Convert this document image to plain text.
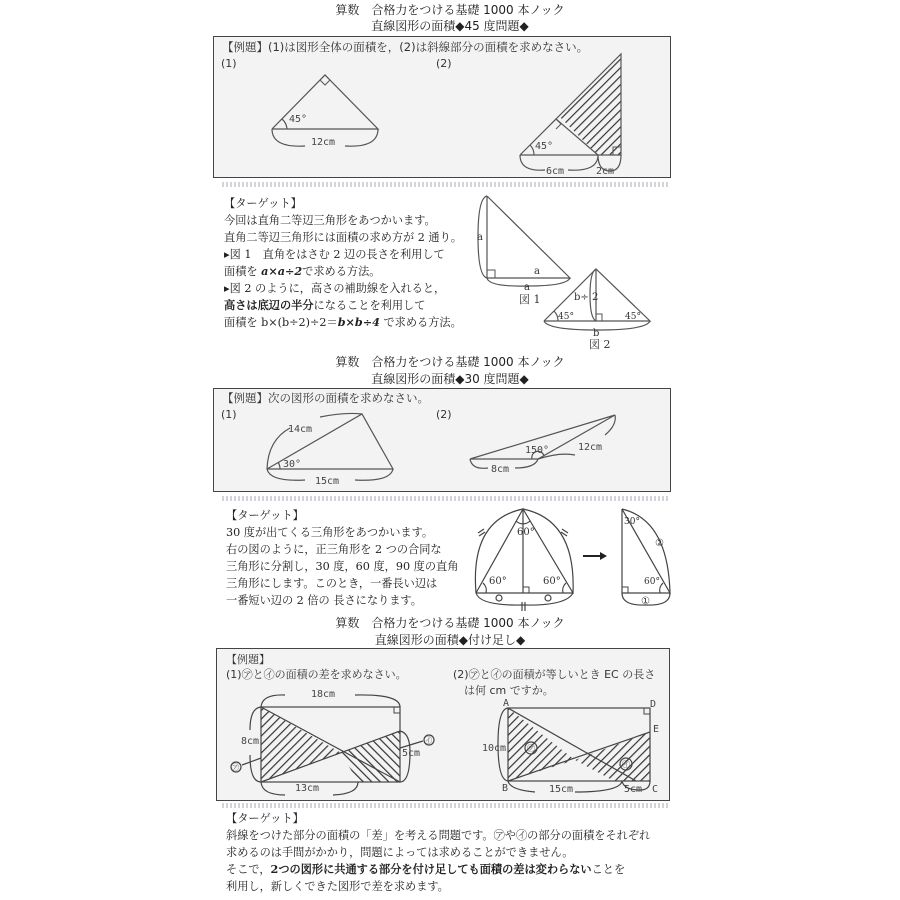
算数　合格力をつける基礎 1000 本ノック
直線図形の面積◆45 度問題◆
【例題】(1)は図形全体の面積を，(2)は斜線部分の面積を求めなさい。
(1)	(2)
45°
12cm	45°
6cm	2cm
a
a
a
図 1	b÷ 2
45°	45°
b
図 2
【ターゲット】
今回は直角二等辺三角形をあつかいます。
直角二等辺三角形には面積の求め方が 2 通り。
▸図 1　直角をはさむ 2 辺の長さを利用して
面積を a×a÷2で求める方法。
▸図 2 のように，高さの補助線を入れると，
高さは底辺の半分になることを利用して
面積を b×(b÷2)÷2＝b×b÷4 で求める方法。
算数　合格力をつける基礎 1000 本ノック
直線図形の面積◆30 度問題◆
【例題】次の図形の面積を求めなさい。
(1)	(2)
14cm
30°
15cm
150°	12cm
8cm
60°
60°	60°
30°
60°
②
①
【ターゲット】
30 度が出てくる三角形をあつかいます。
右の図のように，正三角形を 2 つの合同な
三角形に分割し，30 度，60 度，90 度の直角
三角形にします。このとき，一番長い辺は
一番短い辺の 2 倍の 長さになります。
算数　合格力をつける基礎 1000 本ノック
直線図形の面積◆付け足し◆
【例題】
(1)㋐と㋑の面積の差を求めなさい。	(2)㋐と㋑の面積が等しいとき EC の長さ
は何 cm ですか。
18cm
8cm
5cm
13cm
㋐
㋑
A
B	C
D
E
10cm
15cm	5cm
㋐
㋑
【ターゲット】
斜線をつけた部分の面積の「差」を考える問題です。㋐や㋑の部分の面積をそれぞれ
求めるのは手間がかかり，問題によっては求めることができません。
そこで，2つの図形に共通する部分を付け足しても面積の差は変わらないことを
利用し，新しくできた図形で差を求めます。
